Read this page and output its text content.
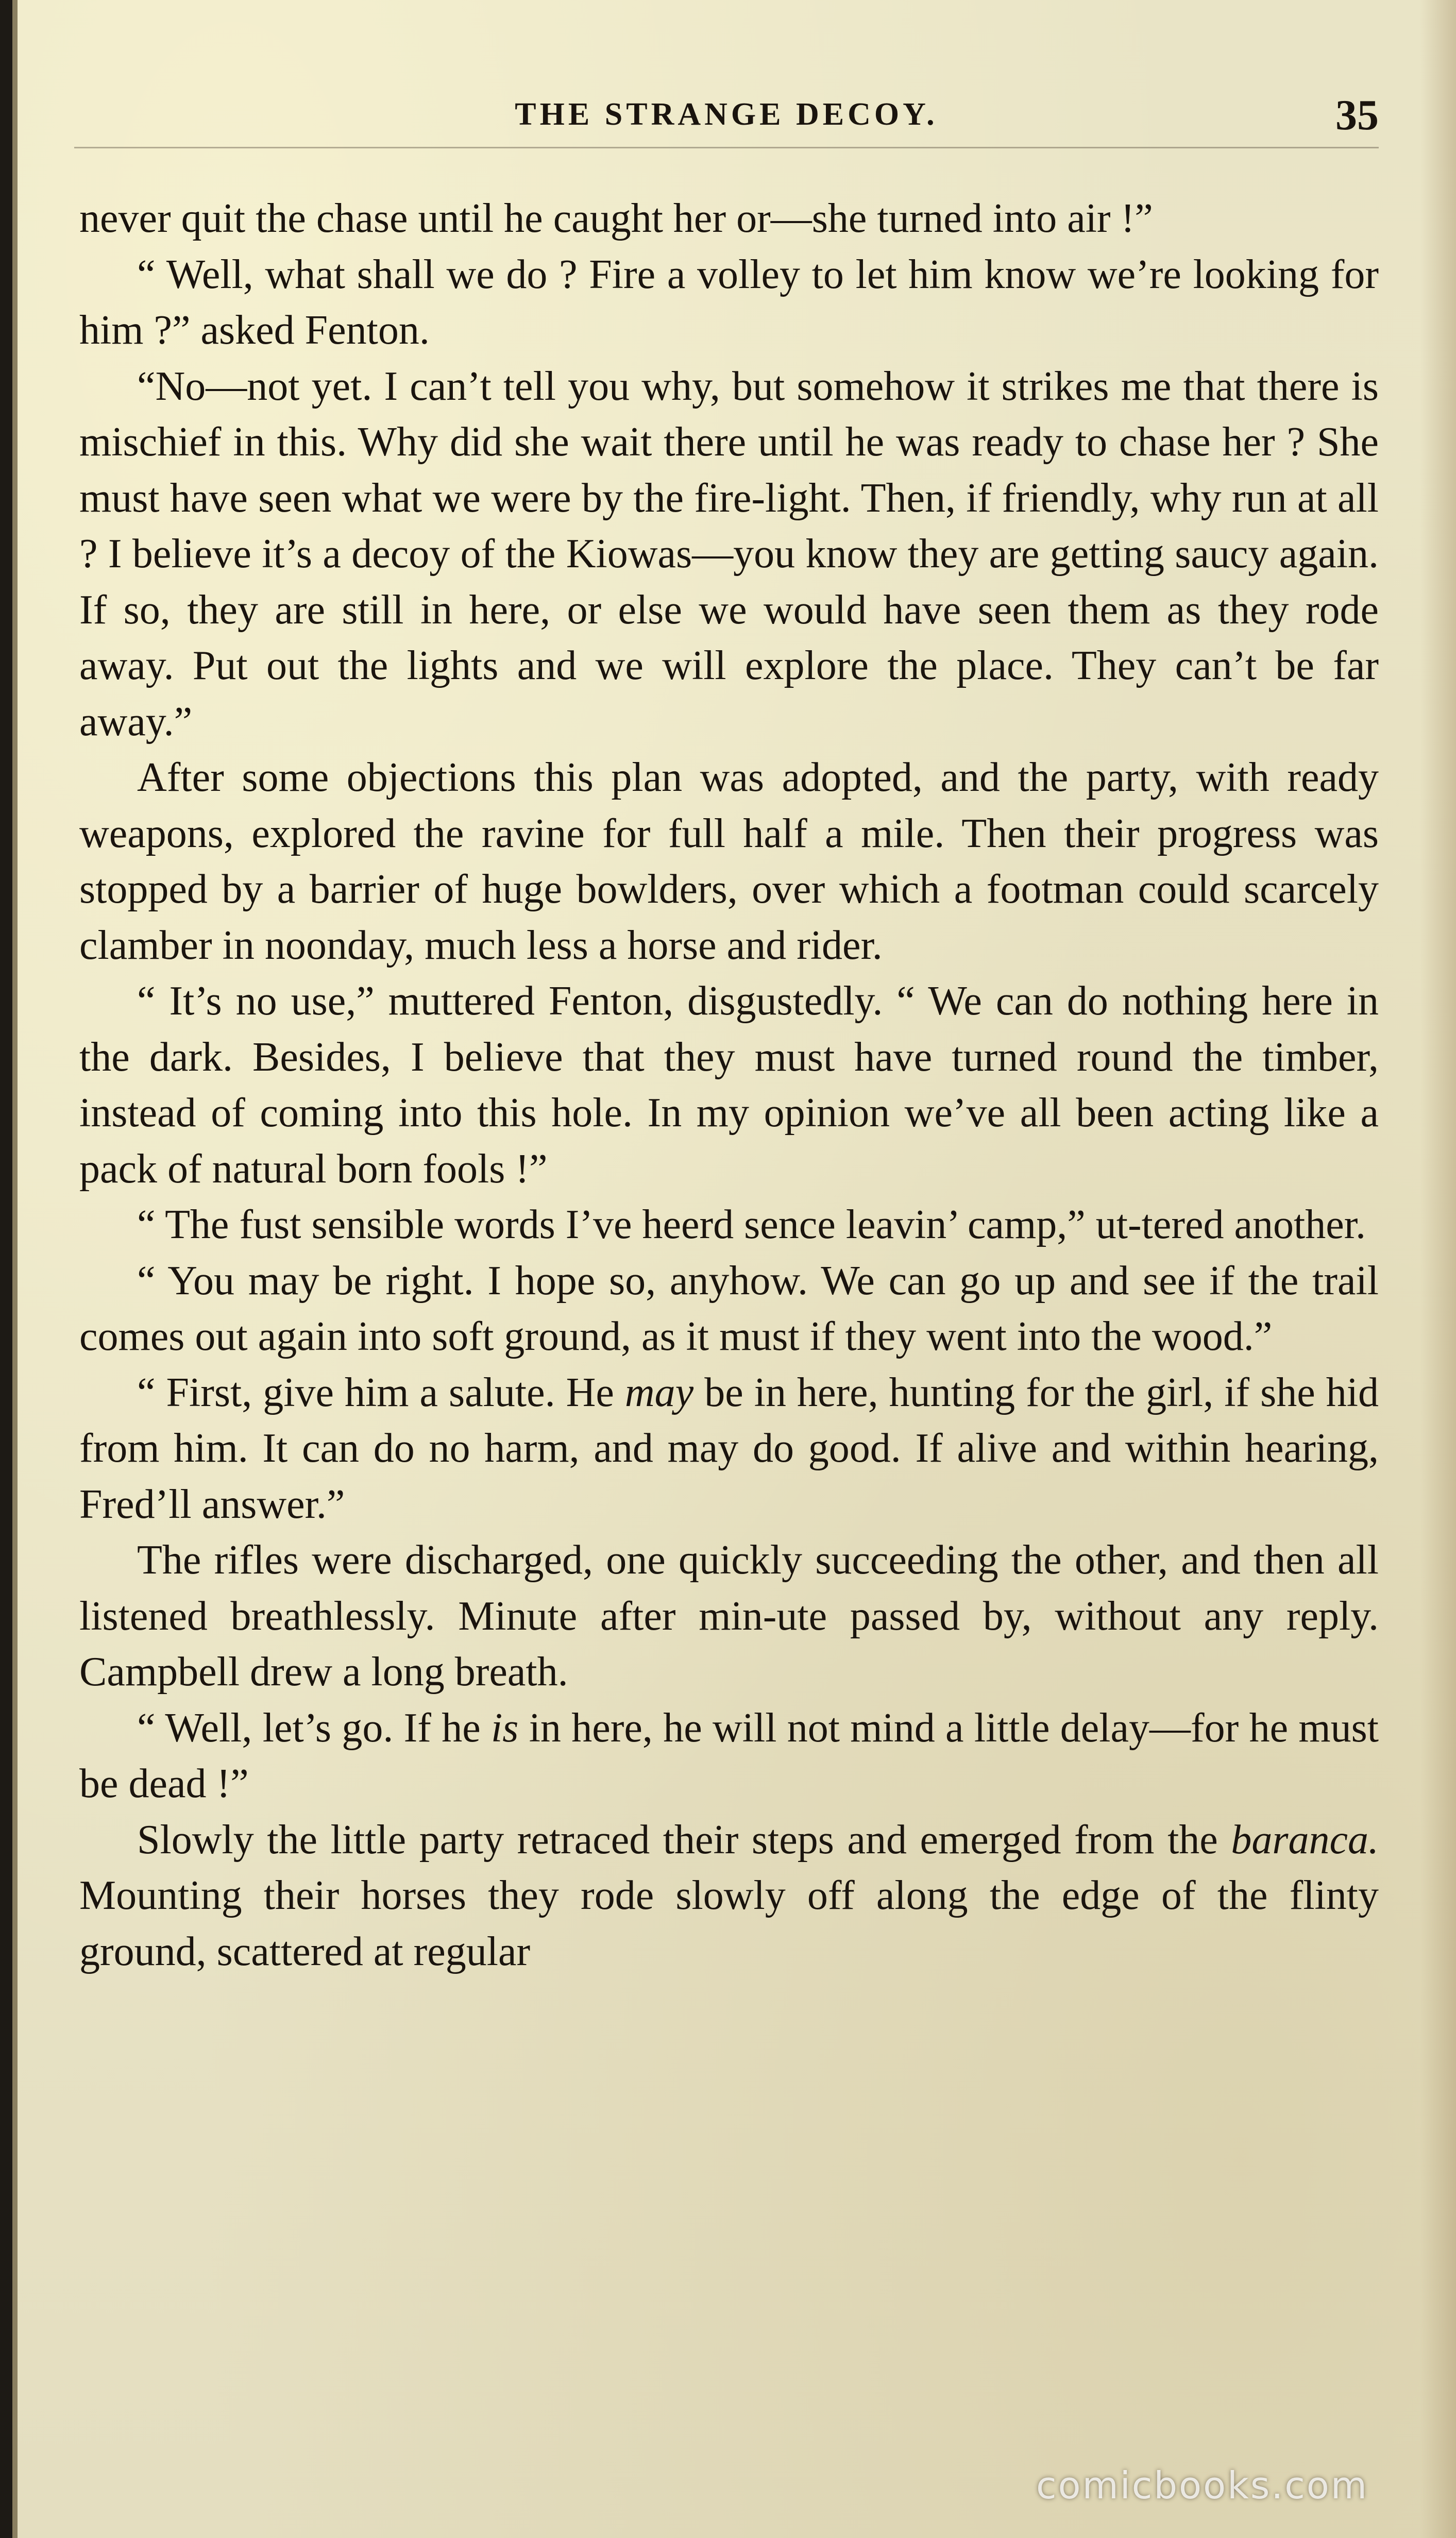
THE STRANGE DECOY.	35

never quit the chase until he caught her or—she turned into air !”

“ Well, what shall we do ? Fire a volley to let him know we’re looking for him ?” asked Fenton.

“No—not yet. I can’t tell you why, but somehow it strikes me that there is mischief in this. Why did she wait there until he was ready to chase her ? She must have seen what we were by the fire-light. Then, if friendly, why run at all ? I believe it’s a decoy of the Kiowas—you know they are getting saucy again. If so, they are still in here, or else we would have seen them as they rode away. Put out the lights and we will explore the place. They can’t be far away.”

After some objections this plan was adopted, and the party, with ready weapons, explored the ravine for full half a mile. Then their progress was stopped by a barrier of huge bowlders, over which a footman could scarcely clamber in noonday, much less a horse and rider.

“ It’s no use,” muttered Fenton, disgustedly. “ We can do nothing here in the dark. Besides, I believe that they must have turned round the timber, instead of coming into this hole. In my opinion we’ve all been acting like a pack of natural born fools !”

“ The fust sensible words I’ve heerd sence leavin’ camp,” ut-tered another.

“ You may be right. I hope so, anyhow. We can go up and see if the trail comes out again into soft ground, as it must if they went into the wood.”

“ First, give him a salute. He may be in here, hunting for the girl, if she hid from him. It can do no harm, and may do good. If alive and within hearing, Fred’ll answer.”

The rifles were discharged, one quickly succeeding the other, and then all listened breathlessly. Minute after min-ute passed by, without any reply. Campbell drew a long breath.

“ Well, let’s go. If he is in here, he will not mind a little delay—for he must be dead !”

Slowly the little party retraced their steps and emerged from the baranca. Mounting their horses they rode slowly off along the edge of the flinty ground, scattered at regular

comicbooks.com
